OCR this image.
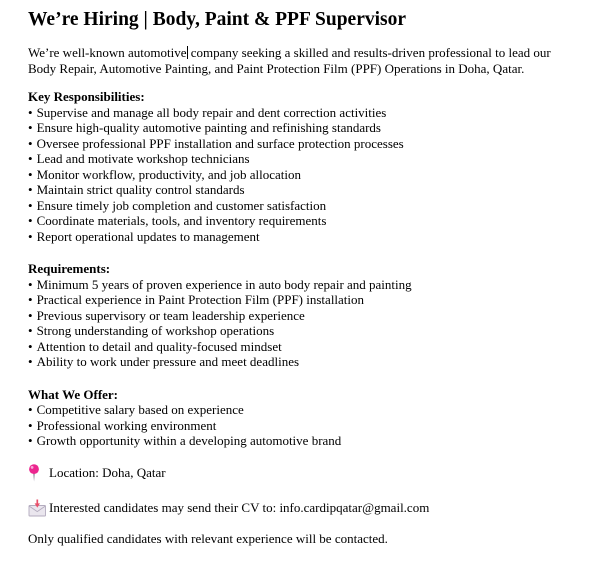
We’re Hiring | Body, Paint & PPF Supervisor

We’re well-known automotive company seeking a skilled and results-driven professional to lead our Body Repair, Automotive Painting, and Paint Protection Film (PPF) Operations in Doha, Qatar.

Key Responsibilities:
• Supervise and manage all body repair and dent correction activities
• Ensure high-quality automotive painting and refinishing standards
• Oversee professional PPF installation and surface protection processes
• Lead and motivate workshop technicians
• Monitor workflow, productivity, and job allocation
• Maintain strict quality control standards
• Ensure timely job completion and customer satisfaction
• Coordinate materials, tools, and inventory requirements
• Report operational updates to management
Requirements:
• Minimum 5 years of proven experience in auto body repair and painting
• Practical experience in Paint Protection Film (PPF) installation
• Previous supervisory or team leadership experience
• Strong understanding of workshop operations
• Attention to detail and quality-focused mindset
• Ability to work under pressure and meet deadlines
What We Offer:
• Competitive salary based on experience
• Professional working environment
• Growth opportunity within a developing automotive brand
Location: Doha, Qatar
Interested candidates may send their CV to: info.cardipqatar@gmail.com

Only qualified candidates with relevant experience will be contacted.
